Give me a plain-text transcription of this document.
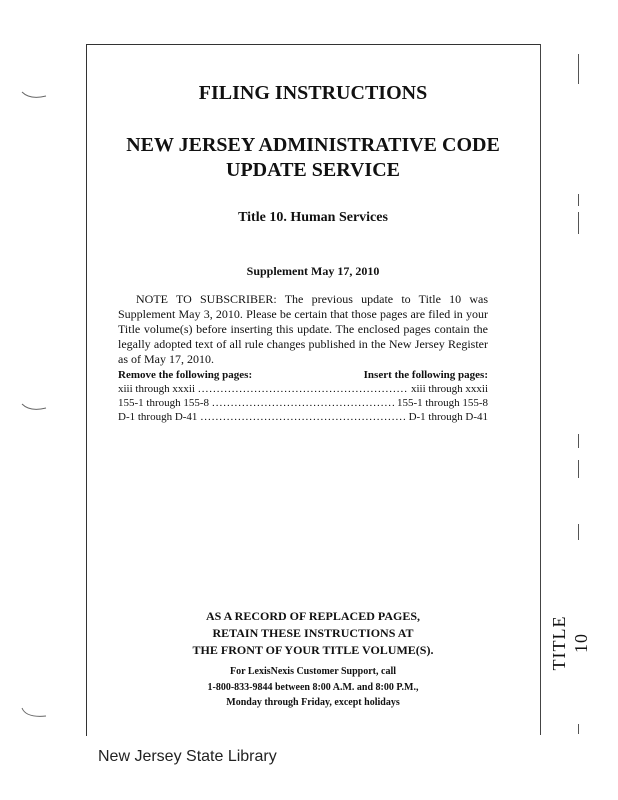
TITLE 10
FILING INSTRUCTIONS
NEW JERSEY ADMINISTRATIVE CODE
UPDATE SERVICE
Title 10. Human Services
Supplement May 17, 2010
NOTE TO SUBSCRIBER: The previous update to Title 10 was Supplement May 3, 2010. Please be certain that those pages are filed in your Title volume(s) before inserting this update. The enclosed pages contain the legally adopted text of all rule changes published in the New Jersey Register as of May 17, 2010.
Remove the following pages:	Insert the following pages:
xiii through xxxii .....	xiii through xxxii
155-1 through 155-8 .....	155-1 through 155-8
D-1 through D-41 .....	D-1 through D-41
AS A RECORD OF REPLACED PAGES,
RETAIN THESE INSTRUCTIONS AT
THE FRONT OF YOUR TITLE VOLUME(S).
For LexisNexis Customer Support, call
1-800-833-9844 between 8:00 A.M. and 8:00 P.M.,
Monday through Friday, except holidays
New Jersey State Library
